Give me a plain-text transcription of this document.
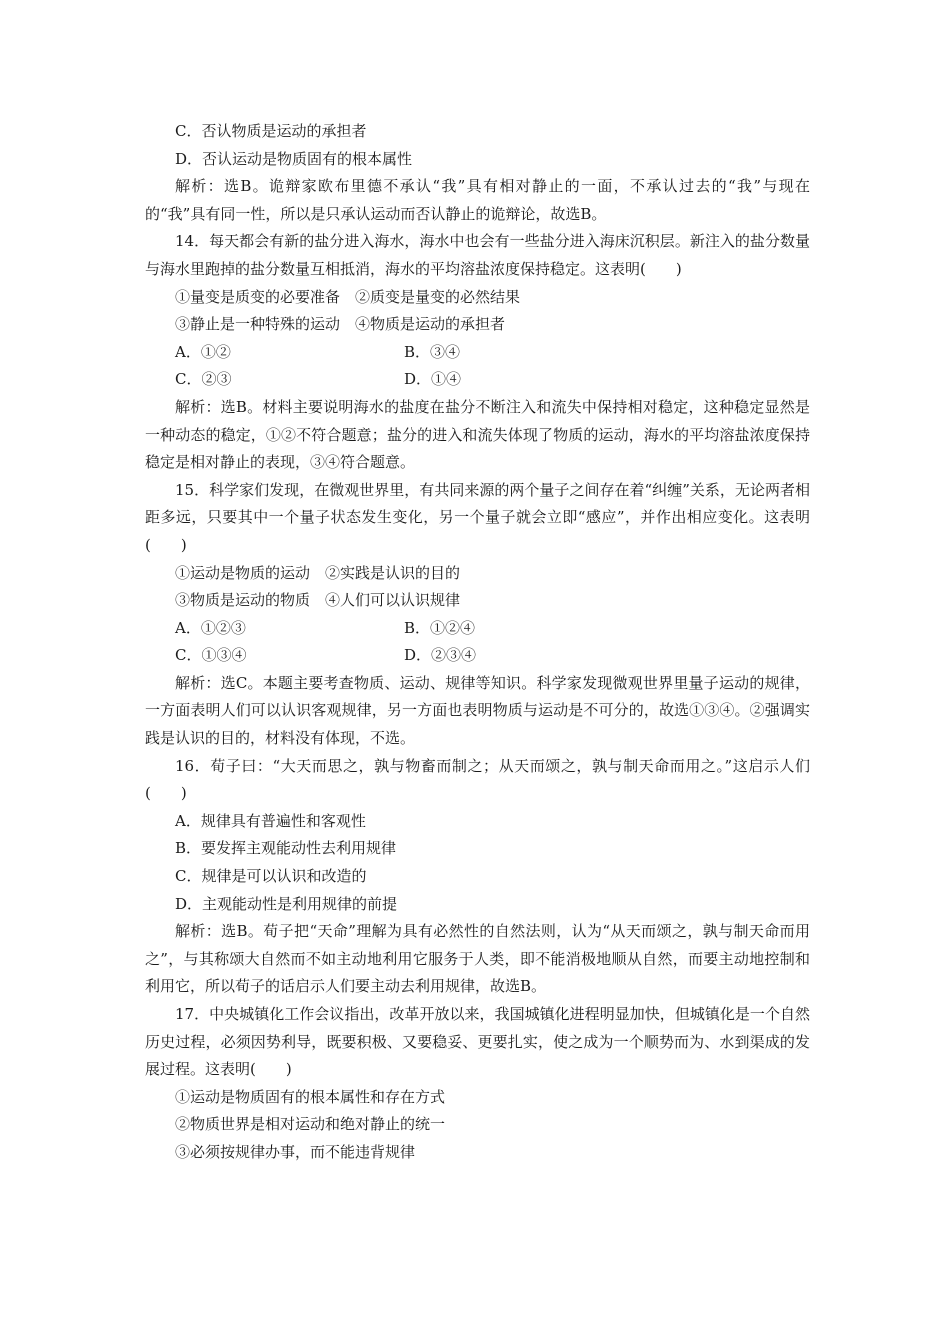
C．否认物质是运动的承担者
D．否认运动是物质固有的根本属性

解析：选B。诡辩家欧布里德不承认“我”具有相对静止的一面，不承认过去的“我”与现在的“我”具有同一性，所以是只承认运动而否认静止的诡辩论，故选B。

14．每天都会有新的盐分进入海水，海水中也会有一些盐分进入海床沉积层。新注入的盐分数量与海水里跑掉的盐分数量互相抵消，海水的平均溶盐浓度保持稳定。这表明(　　)

①量变是质变的必要准备　②质变是量变的必然结果
③静止是一种特殊的运动　④物质是运动的承担者
A．①②	B．③④
C．②③	D．①④

解析：选B。材料主要说明海水的盐度在盐分不断注入和流失中保持相对稳定，这种稳定显然是一种动态的稳定，①②不符合题意；盐分的进入和流失体现了物质的运动，海水的平均溶盐浓度保持稳定是相对静止的表现，③④符合题意。

15．科学家们发现，在微观世界里，有共同来源的两个量子之间存在着“纠缠”关系，无论两者相距多远，只要其中一个量子状态发生变化，另一个量子就会立即“感应”，并作出相应变化。这表明(　　)

①运动是物质的运动　②实践是认识的目的
③物质是运动的物质　④人们可以认识规律
A．①②③	B．①②④
C．①③④	D．②③④

解析：选C。本题主要考查物质、运动、规律等知识。科学家发现微观世界里量子运动的规律，一方面表明人们可以认识客观规律，另一方面也表明物质与运动是不可分的，故选①③④。②强调实践是认识的目的，材料没有体现，不选。

16．荀子曰：“大天而思之，孰与物畜而制之；从天而颂之，孰与制天命而用之。”这启示人们(　　)

A．规律具有普遍性和客观性
B．要发挥主观能动性去利用规律
C．规律是可以认识和改造的
D．主观能动性是利用规律的前提

解析：选B。荀子把“天命”理解为具有必然性的自然法则，认为“从天而颂之，孰与制天命而用之”，与其称颂大自然而不如主动地利用它服务于人类，即不能消极地顺从自然，而要主动地控制和利用它，所以荀子的话启示人们要主动去利用规律，故选B。

17．中央城镇化工作会议指出，改革开放以来，我国城镇化进程明显加快，但城镇化是一个自然历史过程，必须因势利导，既要积极、又要稳妥、更要扎实，使之成为一个顺势而为、水到渠成的发展过程。这表明(　　)

①运动是物质固有的根本属性和存在方式
②物质世界是相对运动和绝对静止的统一
③必须按规律办事，而不能违背规律
